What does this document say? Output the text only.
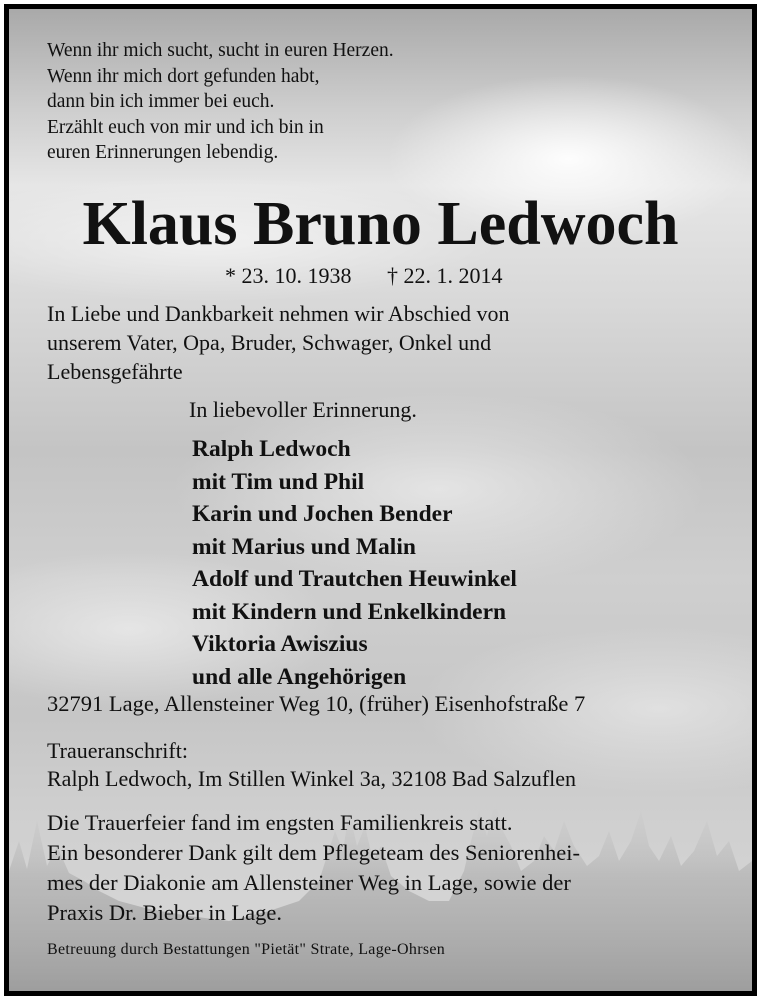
Wenn ihr mich sucht, sucht in euren Herzen.
Wenn ihr mich dort gefunden habt,
dann bin ich immer bei euch.
Erzählt euch von mir und ich bin in
euren Erinnerungen lebendig.
Klaus Bruno Ledwoch
* 23. 10. 1938 † 22. 1. 2014
In Liebe und Dankbarkeit nehmen wir Abschied von
unserem Vater, Opa, Bruder, Schwager, Onkel und
Lebensgefährte
In liebevoller Erinnerung.
Ralph Ledwoch
mit Tim und Phil
Karin und Jochen Bender
mit Marius und Malin
Adolf und Trautchen Heuwinkel
mit Kindern und Enkelkindern
Viktoria Awiszius
und alle Angehörigen
32791 Lage, Allensteiner Weg 10, (früher) Eisenhofstraße 7
Traueranschrift:
Ralph Ledwoch, Im Stillen Winkel 3a, 32108 Bad Salzuflen
Die Trauerfeier fand im engsten Familienkreis statt.
Ein besonderer Dank gilt dem Pflegeteam des Seniorenhei-
mes der Diakonie am Allensteiner Weg in Lage, sowie der
Praxis Dr. Bieber in Lage.
Betreuung durch Bestattungen "Pietät" Strate, Lage-Ohrsen
